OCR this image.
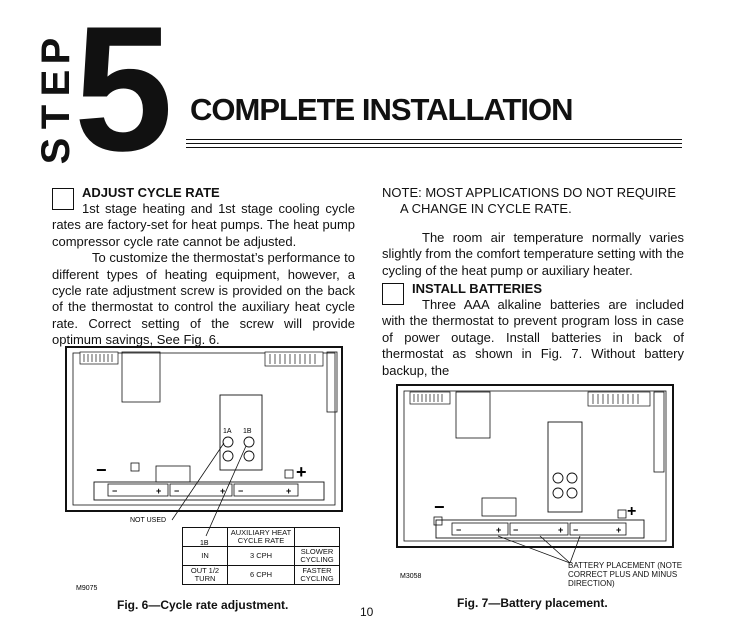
S
T
E
P
5 COMPLETE INSTALLATION
ADJUST CYCLE RATE
1st stage heating and 1st stage cooling cycle rates are factory-set for heat pumps. The heat pump compressor cycle rate cannot be adjusted.
To customize the thermostat’s performance to different types of heating equipment, however, a cycle rate adjustment screw is provided on the back of the thermostat to control the auxiliary heat cycle rate. Correct setting of the screw will provide optimum savings, See Fig. 6.
NOTE: MOST APPLICATIONS DO NOT REQUIRE A CHANGE IN CYCLE RATE.
The room air temperature normally varies slightly from the comfort temperature setting with the cycling of the heat pump or auxiliary heater.
INSTALL BATTERIES
Three AAA alkaline batteries are included with the thermostat to prevent program loss in case of power outage. Install batteries in back of thermostat as shown in Fig. 7. Without battery backup, the
1A 1B
−	+
−	+ −	+ −	+
NOT USED
1B
M9075
	AUXILIARY HEAT CYCLE RATE	
IN	3 CPH	SLOWER CYCLING
OUT 1/2 TURN	6 CPH	FASTER CYCLING
Fig. 6—Cycle rate adjustment.
−	+
−	+ −	+ −	+
M3058
BATTERY PLACEMENT (NOTE CORRECT PLUS AND MINUS DIRECTION)
Fig. 7—Battery placement.
10
